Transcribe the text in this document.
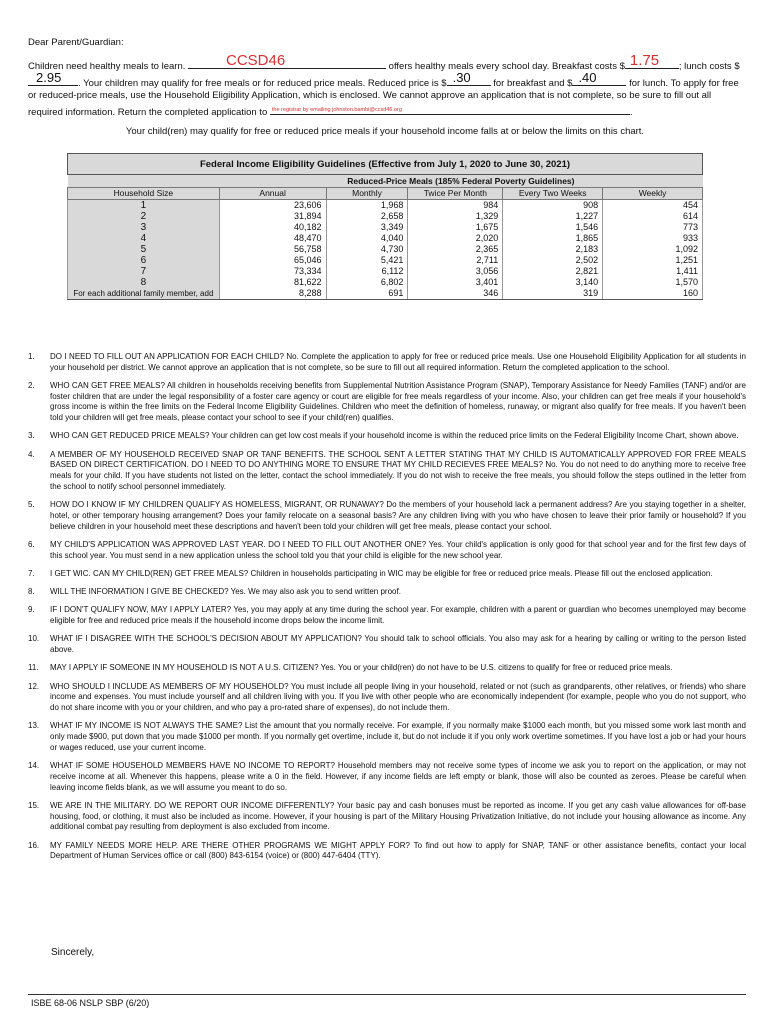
Dear Parent/Guardian:
Children need healthy meals to learn.	CCSD46	offers healthy meals every school day. Breakfast costs $ 1.75 ; lunch costs $
2.95 . Your children may qualify for free meals or for reduced price meals. Reduced price is $ .30 for breakfast and $ .40	for lunch. To apply for free or reduced-price meals, use the Household Eligibility Application, which is enclosed. We cannot approve an application that is not complete, so be sure to fill out all required information. Return the completed application to the registrar by emailing johnston.bambi@ccsd46.org	.
Your child(ren) may qualify for free or reduced price meals if your household income falls at or below the limits on this chart.
Federal Income Eligibility Guidelines (Effective from July 1, 2020 to June 30, 2021)					
	Reduced-Price Meals (185% Federal Poverty Guidelines)				
Household Size	Annual	Monthly	Twice Per Month	Every Two Weeks	Weekly
1	23,606	1,968	984	908	454
2	31,894	2,658	1,329	1,227	614
3	40,182	3,349	1,675	1,546	773
4	48,470	4,040	2,020	1,865	933
5	56,758	4,730	2,365	2,183	1,092
6	65,046	5,421	2,711	2,502	1,251
7	73,334	6,112	3,056	2,821	1,411
8	81,622	6,802	3,401	3,140	1,570
For each additional family member, add	8,288	691	346	319	160
1.	DO I NEED TO FILL OUT AN APPLICATION FOR EACH CHILD? No. Complete the application to apply for free or reduced price meals. Use one Household Eligibility Application for all students in your household per district. We cannot approve an application that is not complete, so be sure to fill out all required information. Return the completed application to the school.
2.	WHO CAN GET FREE MEALS? All children in households receiving benefits from Supplemental Nutrition Assistance Program (SNAP), Temporary Assistance for Needy Families (TANF) and/or are foster children that are under the legal responsibility of a foster care agency or court are eligible for free meals regardless of your income. Also, your children can get free meals if your household's gross income is within the free limits on the Federal Income Eligibility Guidelines. Children who meet the definition of homeless, runaway, or migrant also qualify for free meals. If you haven't been told your children will get free meals, please contact your school to see if your child(ren) qualifies.
3.	WHO CAN GET REDUCED PRICE MEALS? Your children can get low cost meals if your household income is within the reduced price limits on the Federal Eligibility Income Chart, shown above.
4.	A MEMBER OF MY HOUSEHOLD RECEIVED SNAP OR TANF BENEFITS. THE SCHOOL SENT A LETTER STATING THAT MY CHILD IS AUTOMATICALLY APPROVED FOR FREE MEALS BASED ON DIRECT CERTIFICATION. DO I NEED TO DO ANYTHING MORE TO ENSURE THAT MY CHILD RECIEVES FREE MEALS? No. You do not need to do anything more to receive free meals for your child. If you have students not listed on the letter, contact the school immediately. If you do not wish to receive the free meals, you should follow the steps outlined in the letter from the school to notify school personnel immediately.
5.	HOW DO I KNOW IF MY CHILDREN QUALIFY AS HOMELESS, MIGRANT, OR RUNAWAY? Do the members of your household lack a permanent address? Are you staying together in a shelter, hotel, or other temporary housing arrangement? Does your family relocate on a seasonal basis? Are any children living with you who have chosen to leave their prior family or household? If you believe children in your household meet these descriptions and haven't been told your children will get free meals, please contact your school.
6.	MY CHILD'S APPLICATION WAS APPROVED LAST YEAR. DO I NEED TO FILL OUT ANOTHER ONE? Yes. Your child's application is only good for that school year and for the first few days of this school year. You must send in a new application unless the school told you that your child is eligible for the new school year.
7.	I GET WIC. CAN MY CHILD(REN) GET FREE MEALS? Children in households participating in WIC may be eligible for free or reduced price meals. Please fill out the enclosed application.
8.	WILL THE INFORMATION I GIVE BE CHECKED? Yes. We may also ask you to send written proof.
9.	IF I DON'T QUALIFY NOW, MAY I APPLY LATER? Yes, you may apply at any time during the school year. For example, children with a parent or guardian who becomes unemployed may become eligible for free and reduced price meals if the household income drops below the income limit.
10.	WHAT IF I DISAGREE WITH THE SCHOOL'S DECISION ABOUT MY APPLICATION? You should talk to school officials. You also may ask for a hearing by calling or writing to the person listed above.
11.	MAY I APPLY IF SOMEONE IN MY HOUSEHOLD IS NOT A U.S. CITIZEN? Yes. You or your child(ren) do not have to be U.S. citizens to qualify for free or reduced price meals.
12.	WHO SHOULD I INCLUDE AS MEMBERS OF MY HOUSEHOLD? You must include all people living in your household, related or not (such as grandparents, other relatives, or friends) who share income and expenses. You must include yourself and all children living with you. If you live with other people who are economically independent (for example, people who you do not support, who do not share income with you or your children, and who pay a pro-rated share of expenses), do not include them.
13.	WHAT IF MY INCOME IS NOT ALWAYS THE SAME? List the amount that you normally receive. For example, if you normally make $1000 each month, but you missed some work last month and only made $900, put down that you made $1000 per month. If you normally get overtime, include it, but do not include it if you only work overtime sometimes. If you have lost a job or had your hours or wages reduced, use your current income.
14.	WHAT IF SOME HOUSEHOLD MEMBERS HAVE NO INCOME TO REPORT? Household members may not receive some types of income we ask you to report on the application, or may not receive income at all. Whenever this happens, please write a 0 in the field. However, if any income fields are left empty or blank, those will also be counted as zeroes. Please be careful when leaving income fields blank, as we will assume you meant to do so.
15.	WE ARE IN THE MILITARY. DO WE REPORT OUR INCOME DIFFERENTLY? Your basic pay and cash bonuses must be reported as income. If you get any cash value allowances for off-base housing, food, or clothing, it must also be included as income. However, if your housing is part of the Military Housing Privatization Initiative, do not include your housing allowance as income. Any additional combat pay resulting from deployment is also excluded from income.
16.	MY FAMILY NEEDS MORE HELP. ARE THERE OTHER PROGRAMS WE MIGHT APPLY FOR? To find out how to apply for SNAP, TANF or other assistance benefits, contact your local Department of Human Services office or call (800) 843-6154 (voice) or (800) 447-6404 (TTY).
Sincerely,
ISBE 68-06 NSLP SBP (6/20)
